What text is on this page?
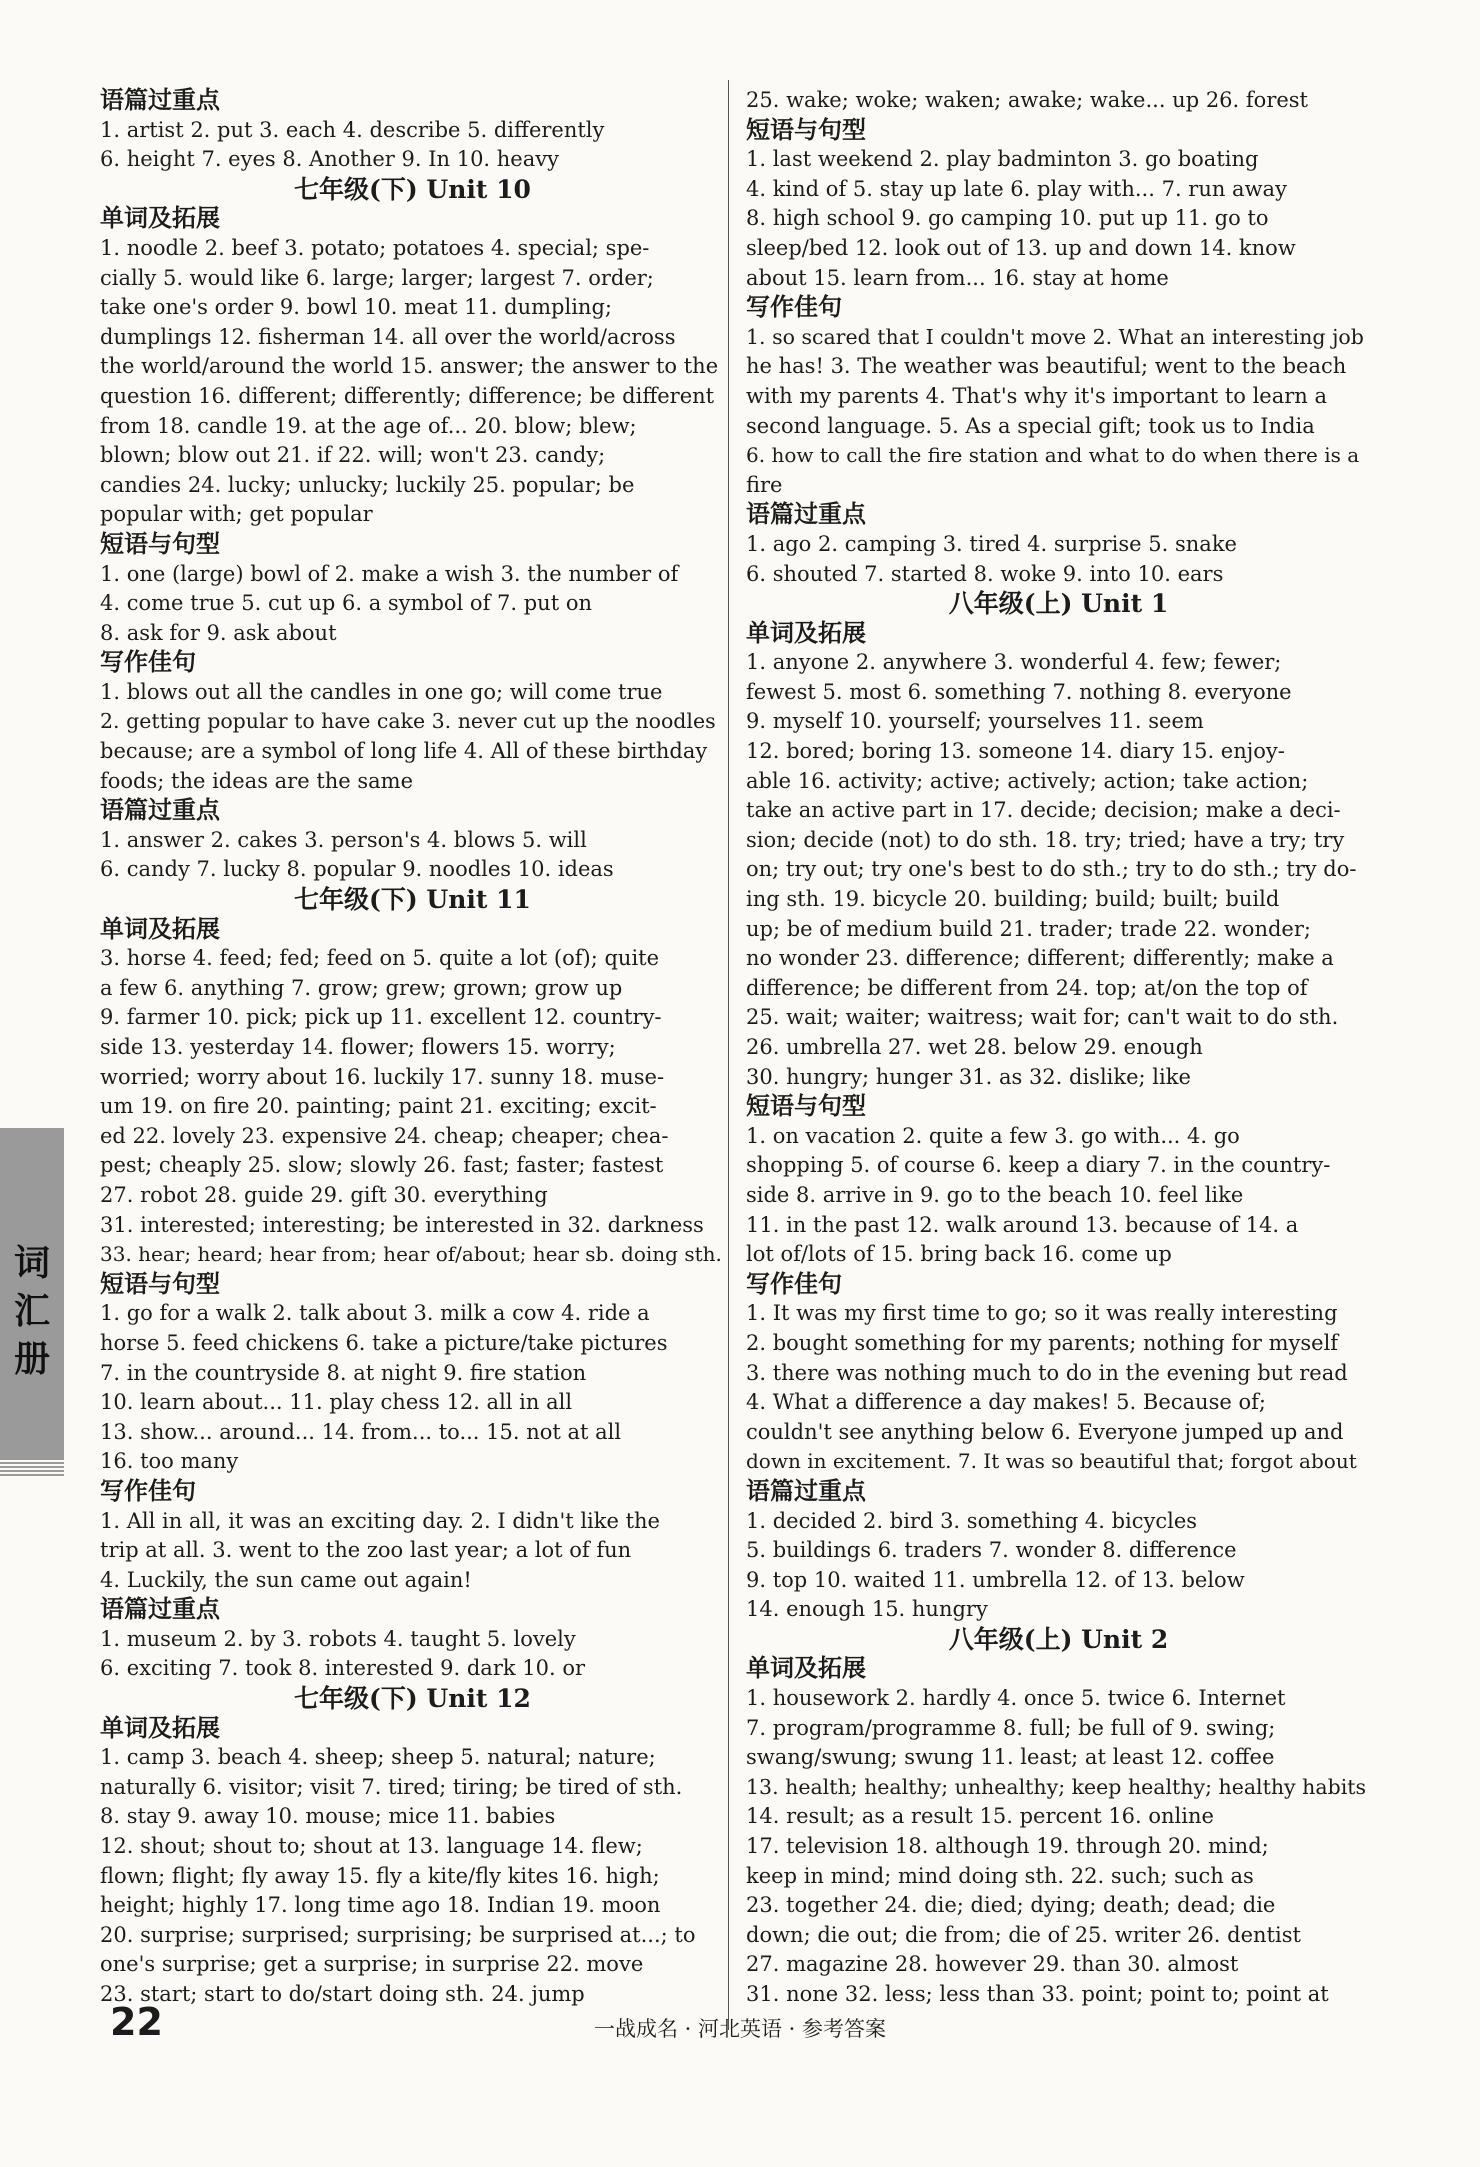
语篇过重点
1. artist 2. put 3. each 4. describe 5. differently
6. height 7. eyes 8. Another 9. In 10. heavy
七年级(下) Unit 10
单词及拓展
1. noodle 2. beef 3. potato; potatoes 4. special; spe-
cially 5. would like 6. large; larger; largest 7. order;
take one's order 9. bowl 10. meat 11. dumpling;
dumplings 12. fisherman 14. all over the world/across
the world/around the world 15. answer; the answer to the
question 16. different; differently; difference; be different
from 18. candle 19. at the age of... 20. blow; blew;
blown; blow out 21. if 22. will; won't 23. candy;
candies 24. lucky; unlucky; luckily 25. popular; be
popular with; get popular
短语与句型
1. one (large) bowl of 2. make a wish 3. the number of
4. come true 5. cut up 6. a symbol of 7. put on
8. ask for 9. ask about
写作佳句
1. blows out all the candles in one go; will come true
2. getting popular to have cake 3. never cut up the noodles
because; are a symbol of long life 4. All of these birthday
foods; the ideas are the same
语篇过重点
1. answer 2. cakes 3. person's 4. blows 5. will
6. candy 7. lucky 8. popular 9. noodles 10. ideas
七年级(下) Unit 11
单词及拓展
3. horse 4. feed; fed; feed on 5. quite a lot (of); quite
a few 6. anything 7. grow; grew; grown; grow up
9. farmer 10. pick; pick up 11. excellent 12. country-
side 13. yesterday 14. flower; flowers 15. worry;
worried; worry about 16. luckily 17. sunny 18. muse-
um 19. on fire 20. painting; paint 21. exciting; excit-
ed 22. lovely 23. expensive 24. cheap; cheaper; chea-
pest; cheaply 25. slow; slowly 26. fast; faster; fastest
27. robot 28. guide 29. gift 30. everything
31. interested; interesting; be interested in 32. darkness
33. hear; heard; hear from; hear of/about; hear sb. doing sth.
短语与句型
1. go for a walk 2. talk about 3. milk a cow 4. ride a
horse 5. feed chickens 6. take a picture/take pictures
7. in the countryside 8. at night 9. fire station
10. learn about... 11. play chess 12. all in all
13. show... around... 14. from... to... 15. not at all
16. too many
写作佳句
1. All in all, it was an exciting day. 2. I didn't like the
trip at all. 3. went to the zoo last year; a lot of fun
4. Luckily, the sun came out again!
语篇过重点
1. museum 2. by 3. robots 4. taught 5. lovely
6. exciting 7. took 8. interested 9. dark 10. or
七年级(下) Unit 12
单词及拓展
1. camp 3. beach 4. sheep; sheep 5. natural; nature;
naturally 6. visitor; visit 7. tired; tiring; be tired of sth.
8. stay 9. away 10. mouse; mice 11. babies
12. shout; shout to; shout at 13. language 14. flew;
flown; flight; fly away 15. fly a kite/fly kites 16. high;
height; highly 17. long time ago 18. Indian 19. moon
20. surprise; surprised; surprising; be surprised at...; to
one's surprise; get a surprise; in surprise 22. move
23. start; start to do/start doing sth. 24. jump
25. wake; woke; waken; awake; wake... up 26. forest
短语与句型
1. last weekend 2. play badminton 3. go boating
4. kind of 5. stay up late 6. play with... 7. run away
8. high school 9. go camping 10. put up 11. go to
sleep/bed 12. look out of 13. up and down 14. know
about 15. learn from... 16. stay at home
写作佳句
1. so scared that I couldn't move 2. What an interesting job
he has! 3. The weather was beautiful; went to the beach
with my parents 4. That's why it's important to learn a
second language. 5. As a special gift; took us to India
6. how to call the fire station and what to do when there is a
fire
语篇过重点
1. ago 2. camping 3. tired 4. surprise 5. snake
6. shouted 7. started 8. woke 9. into 10. ears
八年级(上) Unit 1
单词及拓展
1. anyone 2. anywhere 3. wonderful 4. few; fewer;
fewest 5. most 6. something 7. nothing 8. everyone
9. myself 10. yourself; yourselves 11. seem
12. bored; boring 13. someone 14. diary 15. enjoy-
able 16. activity; active; actively; action; take action;
take an active part in 17. decide; decision; make a deci-
sion; decide (not) to do sth. 18. try; tried; have a try; try
on; try out; try one's best to do sth.; try to do sth.; try do-
ing sth. 19. bicycle 20. building; build; built; build
up; be of medium build 21. trader; trade 22. wonder;
no wonder 23. difference; different; differently; make a
difference; be different from 24. top; at/on the top of
25. wait; waiter; waitress; wait for; can't wait to do sth.
26. umbrella 27. wet 28. below 29. enough
30. hungry; hunger 31. as 32. dislike; like
短语与句型
1. on vacation 2. quite a few 3. go with... 4. go
shopping 5. of course 6. keep a diary 7. in the country-
side 8. arrive in 9. go to the beach 10. feel like
11. in the past 12. walk around 13. because of 14. a
lot of/lots of 15. bring back 16. come up
写作佳句
1. It was my first time to go; so it was really interesting
2. bought something for my parents; nothing for myself
3. there was nothing much to do in the evening but read
4. What a difference a day makes! 5. Because of;
couldn't see anything below 6. Everyone jumped up and
down in excitement. 7. It was so beautiful that; forgot about
语篇过重点
1. decided 2. bird 3. something 4. bicycles
5. buildings 6. traders 7. wonder 8. difference
9. top 10. waited 11. umbrella 12. of 13. below
14. enough 15. hungry
八年级(上) Unit 2
单词及拓展
1. housework 2. hardly 4. once 5. twice 6. Internet
7. program/programme 8. full; be full of 9. swing;
swang/swung; swung 11. least; at least 12. coffee
13. health; healthy; unhealthy; keep healthy; healthy habits
14. result; as a result 15. percent 16. online
17. television 18. although 19. through 20. mind;
keep in mind; mind doing sth. 22. such; such as
23. together 24. die; died; dying; death; dead; die
down; die out; die from; die of 25. writer 26. dentist
27. magazine 28. however 29. than 30. almost
31. none 32. less; less than 33. point; point to; point at
词
汇
册
22	一战成名 · 河北英语 · 参考答案
